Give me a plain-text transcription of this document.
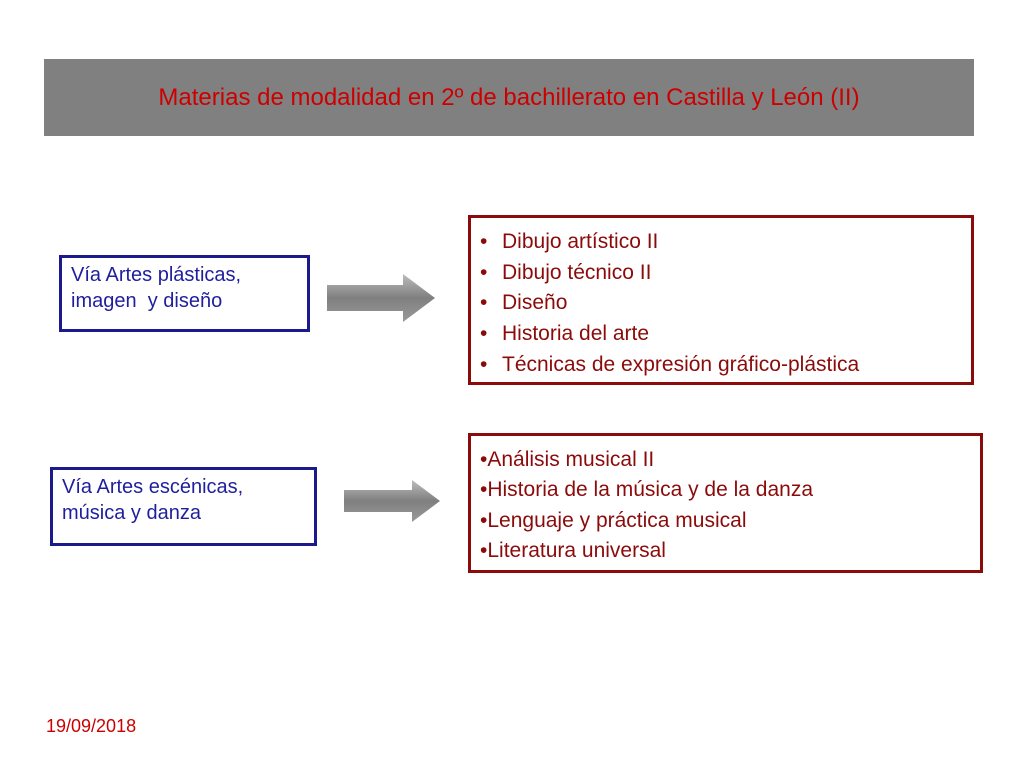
Materias de modalidad en 2º de bachillerato en Castilla y León (II)
Vía Artes plásticas,
imagen  y diseño
• Dibujo artístico II
• Dibujo técnico II
• Diseño
• Historia del arte
• Técnicas de expresión gráfico-plástica
Vía Artes escénicas,
música y danza
•Análisis musical II
•Historia de la música y de la danza
•Lenguaje y práctica musical
•Literatura universal
19/09/2018
